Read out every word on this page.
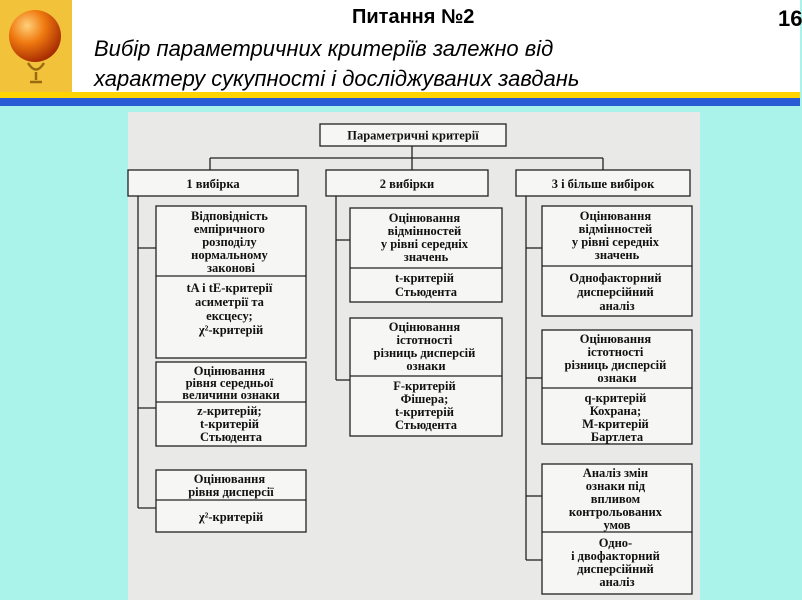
Питання №2	16
Вибір параметричних критеріїв залежно від
характеру сукупності і досліджуваних завдань
Параметричні критерії
1 вибірка	2 вибірки	3 і більше вибірок
Відповідність емпіричного розподілу нормальному законові
tA і tE-критерії асиметрії та ексцесу; χ²-критерій
Оцінювання рівня середньої величини ознаки
z-критерій; t-критерій Стьюдента
Оцінювання рівня дисперсії
χ²-критерій
Оцінювання відмінностей у рівні середніх значень
t-критерій Стьюдента
Оцінювання істотності різниць дисперсій ознаки
F-критерій Фішера; t-критерій Стьюдента
Оцінювання відмінностей у рівні середніх значень
Однофакторний дисперсійний аналіз
Оцінювання істотності різниць дисперсій ознаки
q-критерій Кохрана; M-критерій Бартлета
Аналіз змін ознаки під впливом контрольованих умов
Одно- і двофакторний дисперсійний аналіз
